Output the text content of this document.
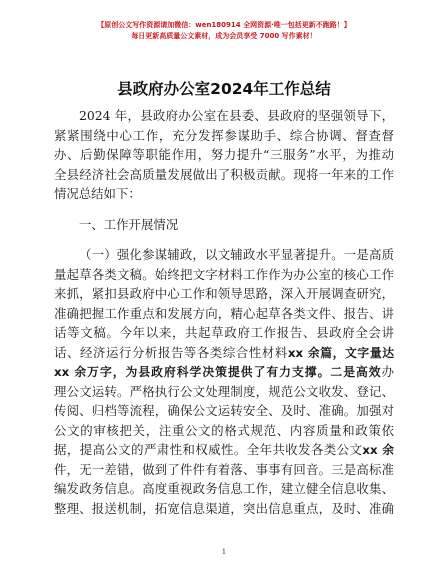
【原创公文写作资源请加微信：wen180914 全网资源·唯一包括更新不跑路！】
每日更新高质量公文素材，成为会员享受 7000 写作素材！
县政府办公室2024年工作总结
2024 年，县政府办公室在县委、县政府的坚强领导下，
紧紧围绕中心工作，充分发挥参谋助手、综合协调、督查督
办、后勤保障等职能作用，努力提升“三服务”水平，为推动
全县经济社会高质量发展做出了积极贡献。现将一年来的工作
情况总结如下：
一、工作开展情况
（一）强化参谋辅政，以文辅政水平显著提升。一是高质
量起草各类文稿。始终把文字材料工作作为办公室的核心工作
来抓，紧扣县政府中心工作和领导思路，深入开展调查研究，
准确把握工作重点和发展方向，精心起草各类文件、报告、讲
话等文稿。今年以来，共起草政府工作报告、县政府全会讲
话、经济运行分析报告等各类综合性材料xx 余篇，文字量达
xx 余万字，为县政府科学决策提供了有力支撑。二是高效办
理公文运转。严格执行公文处理制度，规范公文收发、登记、
传阅、归档等流程，确保公文运转安全、及时、准确。加强对
公文的审核把关，注重公文的格式规范、内容质量和政策依
据，提高公文的严肃性和权威性。全年共收发各类公文xx 余
件，无一差错，做到了件件有着落、事事有回音。三是高标准
编发政务信息。高度重视政务信息工作，建立健全信息收集、
整理、报送机制，拓宽信息渠道，突出信息重点，及时、准确
1
